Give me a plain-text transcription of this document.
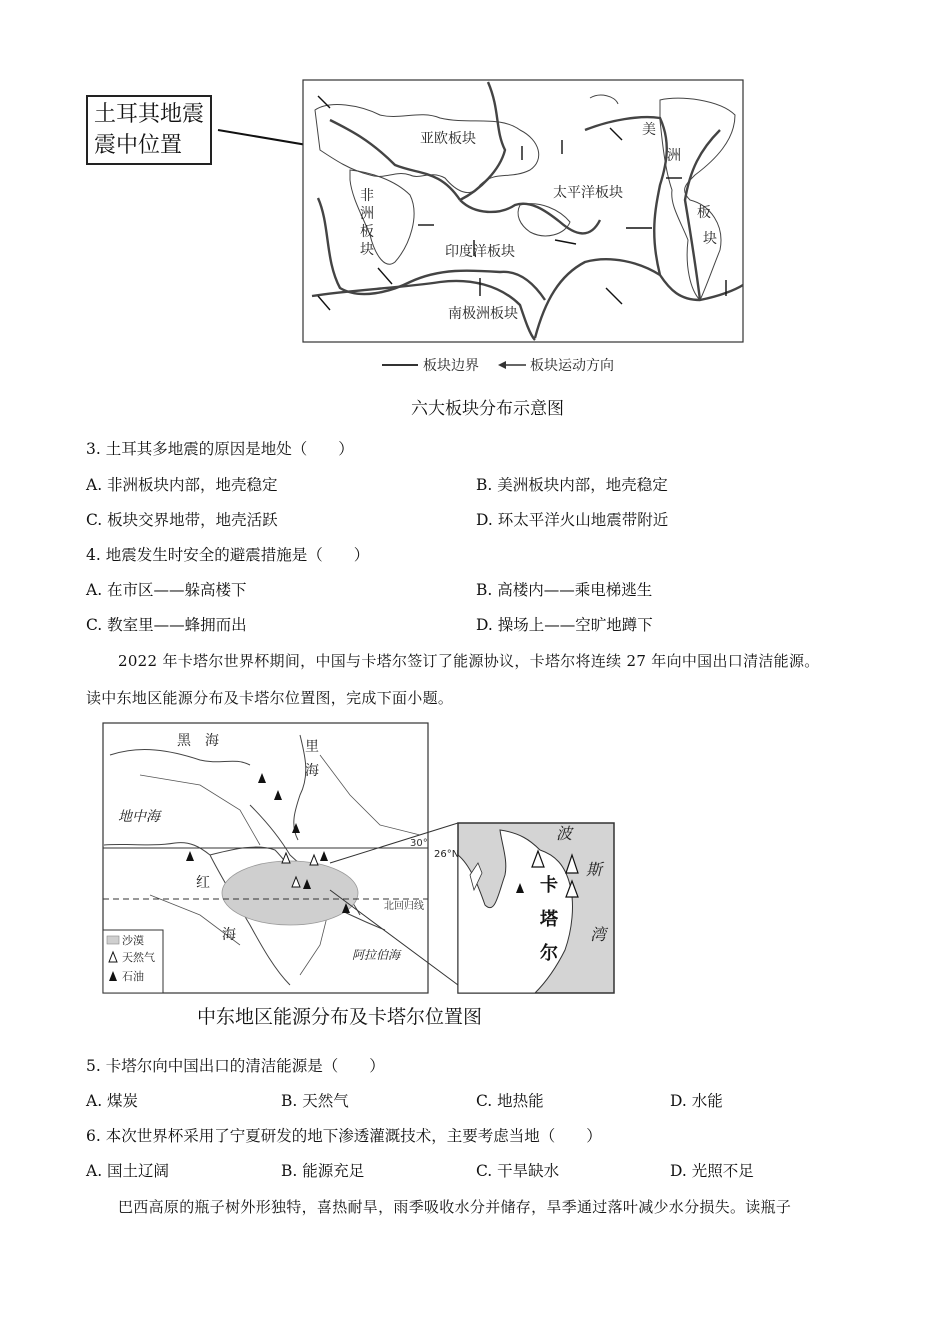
土耳其地震
震中位置	亚欧板块
非
洲
板
块
太平洋板块
印度洋板块
南极洲板块
美
洲
板
块
板块边界	板块运动方向
六大板块分布示意图
3. 土耳其多地震的原因是地处（　　）
A. 非洲板块内部，地壳稳定	B. 美洲板块内部，地壳稳定
C. 板块交界地带，地壳活跃	D. 环太平洋火山地震带附近
4. 地震发生时安全的避震措施是（　　）
A. 在市区——躲高楼下	B. 高楼内——乘电梯逃生
C. 教室里——蜂拥而出	D. 操场上——空旷地蹲下
2022 年卡塔尔世界杯期间，中国与卡塔尔签订了能源协议，卡塔尔将连续 27 年向中国出口清洁能源。
读中东地区能源分布及卡塔尔位置图，完成下面小题。
黑 海	里
海
地中海
红
海
阿拉伯海
北回归线
30°
沙漠
天然气
石油
26°N
波
斯
湾
卡
塔
尔
中东地区能源分布及卡塔尔位置图
5. 卡塔尔向中国出口的清洁能源是（　　）
A. 煤炭	B. 天然气	C. 地热能	D. 水能
6. 本次世界杯采用了宁夏研发的地下渗透灌溉技术，主要考虑当地（　　）
A. 国土辽阔	B. 能源充足	C. 干旱缺水	D. 光照不足
巴西高原的瓶子树外形独特，喜热耐旱，雨季吸收水分并储存，旱季通过落叶减少水分损失。读瓶子
